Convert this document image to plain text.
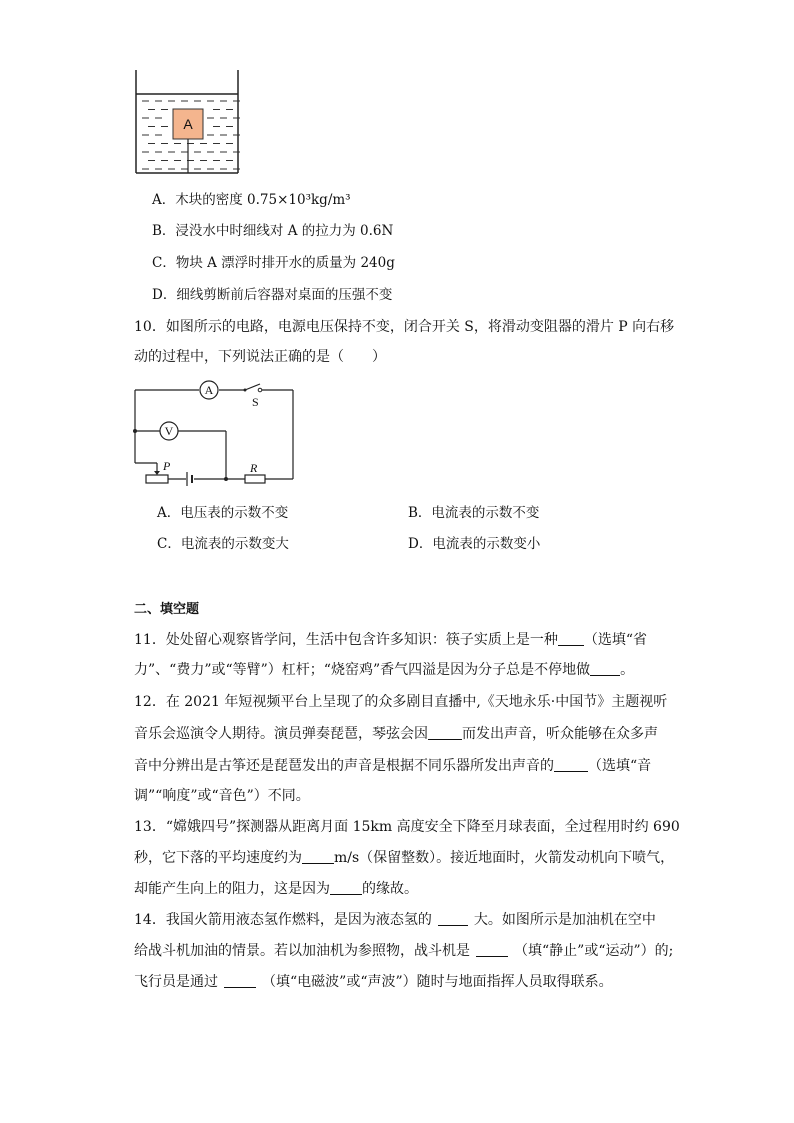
A
A．木块的密度 0.75×10³kg/m³
B．浸没水中时细线对 A 的拉力为 0.6N
C．物块 A 漂浮时排开水的质量为 240g
D．细线剪断前后容器对桌面的压强不变
10．如图所示的电路，电源电压保持不变，闭合开关 S，将滑动变阻器的滑片 P 向右移
动的过程中，下列说法正确的是（　　）
A
V
S
P	R
A．电压表的示数不变	B．电流表的示数不变
C．电流表的示数变大	D．电流表的示数变小
二、填空题
11．处处留心观察皆学问，生活中包含许多知识：筷子实质上是一种 （选填“省
力”、“费力”或“等臂”）杠杆；“烧窑鸡”香气四溢是因为分子总是不停地做 。
12．在 2021 年短视频平台上呈现了的众多剧目直播中,《天地永乐·中国节》主题视听
音乐会巡演令人期待。演员弹奏琵琶，琴弦会因 而发出声音，听众能够在众多声
音中分辨出是古筝还是琵琶发出的声音是根据不同乐器所发出声音的 （选填“音
调”“响度”或“音色”）不同。
13．“嫦娥四号”探测器从距离月面 15km 高度安全下降至月球表面，全过程用时约 690
秒，它下落的平均速度约为 m/s（保留整数）。接近地面时，火箭发动机向下喷气，
却能产生向上的阻力，这是因为 的缘故。
14．我国火箭用液态氢作燃料，是因为液态氢的	大。如图所示是加油机在空中
给战斗机加油的情景。若以加油机为参照物，战斗机是	（填“静止”或“运动”）的;
飞行员是通过	（填“电磁波”或“声波”）随时与地面指挥人员取得联系。
